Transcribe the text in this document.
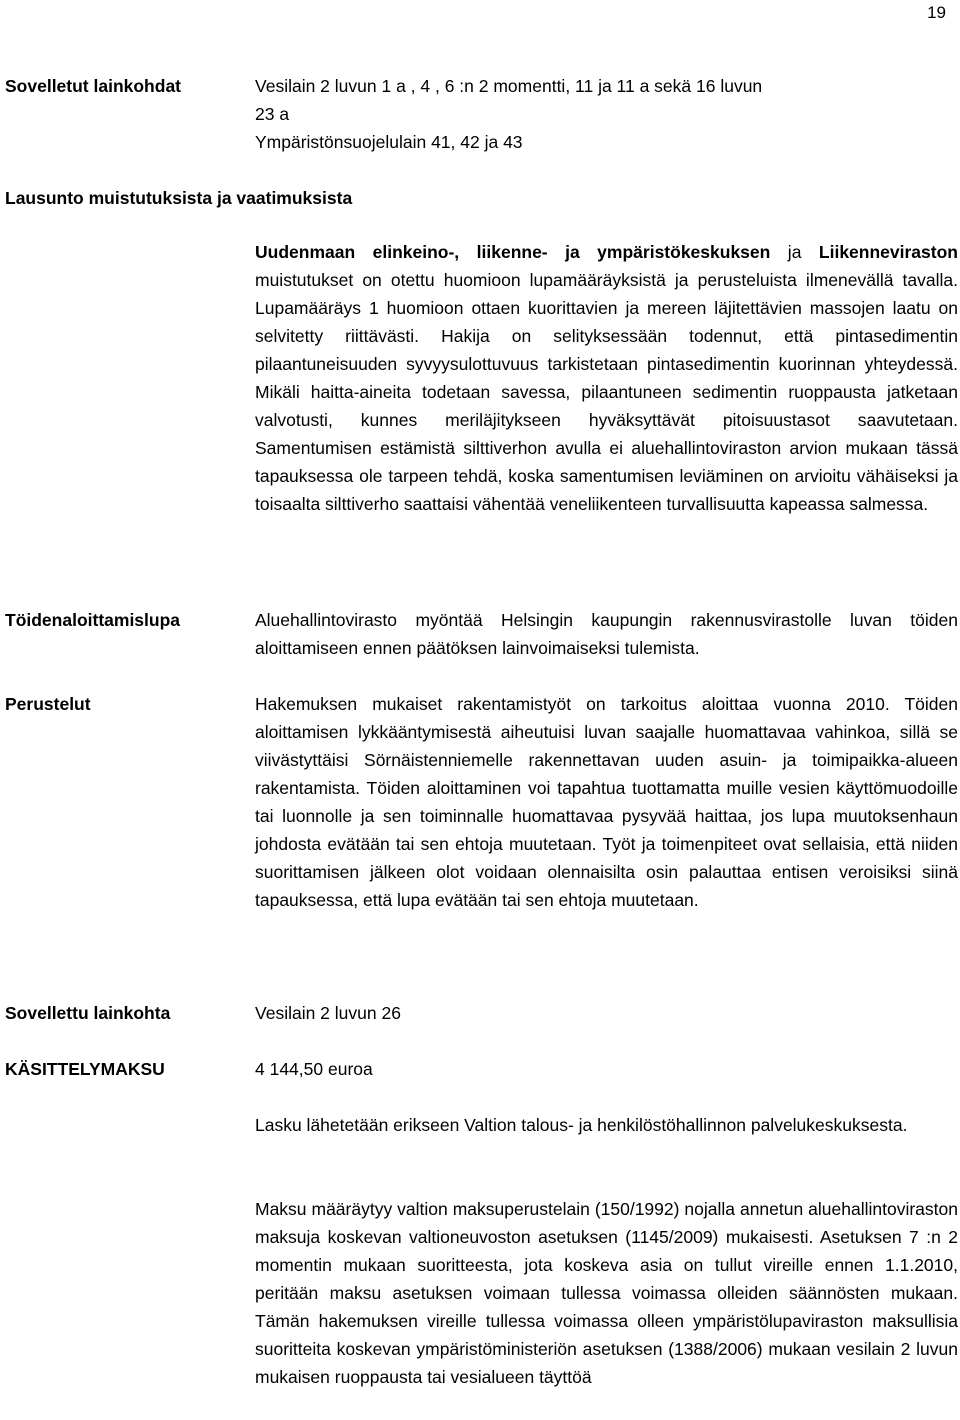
19
Sovelletut lainkohdat	Vesilain 2 luvun 1 a , 4 , 6 :n 2 momentti, 11 ja 11 a sekä 16 luvun
23 a
Ympäristönsuojelulain 41, 42 ja 43
Lausunto muistutuksista ja vaatimuksista

Uudenmaan elinkeino-, liikenne- ja ympäristökeskuksen ja Liikenneviraston muistutukset on otettu huomioon lupamääräyksistä ja perusteluista ilmenevällä tavalla. Lupamääräys 1 huomioon ottaen kuorittavien ja mereen läjitettävien massojen laatu on selvitetty riittävästi. Hakija on selityksessään todennut, että pintasedimentin pilaantuneisuuden syvyysulottuvuus tarkistetaan pintasedimentin kuorinnan yhteydessä. Mikäli haitta-aineita todetaan savessa, pilaantuneen sedimentin ruoppausta jatketaan valvotusti, kunnes meriläjitykseen hyväksyttävät pitoisuustasot saavutetaan. Samentumisen estämistä silttiverhon avulla ei aluehallintoviraston arvion mukaan tässä tapauksessa ole tarpeen tehdä, koska samentumisen leviäminen on arvioitu vähäiseksi ja toisaalta silttiverho saattaisi vähentää veneliikenteen turvallisuutta kapeassa salmessa.

Töidenaloittamislupa	Aluehallintovirasto myöntää Helsingin kaupungin rakennusvirastolle luvan töiden aloittamiseen ennen päätöksen lainvoimaiseksi tulemista.
Perustelut	Hakemuksen mukaiset rakentamistyöt on tarkoitus aloittaa vuonna 2010. Töiden aloittamisen lykkääntymisestä aiheutuisi luvan saajalle huomattavaa vahinkoa, sillä se viivästyttäisi Sörnäistenniemelle rakennettavan uuden asuin- ja toimipaikka-alueen rakentamista. Töiden aloittaminen voi tapahtua tuottamatta muille vesien käyttömuodoille tai luonnolle ja sen toiminnalle huomattavaa pysyvää haittaa, jos lupa muutoksenhaun johdosta evätään tai sen ehtoja muutetaan. Työt ja toimenpiteet ovat sellaisia, että niiden suorittamisen jälkeen olot voidaan olennaisilta osin palauttaa entisen veroisiksi siinä tapauksessa, että lupa evätään tai sen ehtoja muutetaan.
Sovellettu lainkohta	Vesilain 2 luvun 26
KÄSITTELYMAKSU	4 144,50 euroa
Lasku lähetetään erikseen Valtion talous- ja henkilöstöhallinnon palvelukeskuksesta.
Maksu määräytyy valtion maksuperustelain (150/1992) nojalla annetun aluehallintoviraston maksuja koskevan valtioneuvoston asetuksen (1145/2009) mukaisesti. Asetuksen 7 :n 2 momentin mukaan suoritteesta, jota koskeva asia on tullut vireille ennen 1.1.2010, peritään maksu asetuksen voimaan tullessa voimassa olleiden säännösten mukaan. Tämän hakemuksen vireille tullessa voimassa olleen ympäristölupaviraston maksullisia suoritteita koskevan ympäristöministeriön asetuksen (1388/2006) mukaan vesilain 2 luvun mukaisen ruoppausta tai vesialueen täyttöä
